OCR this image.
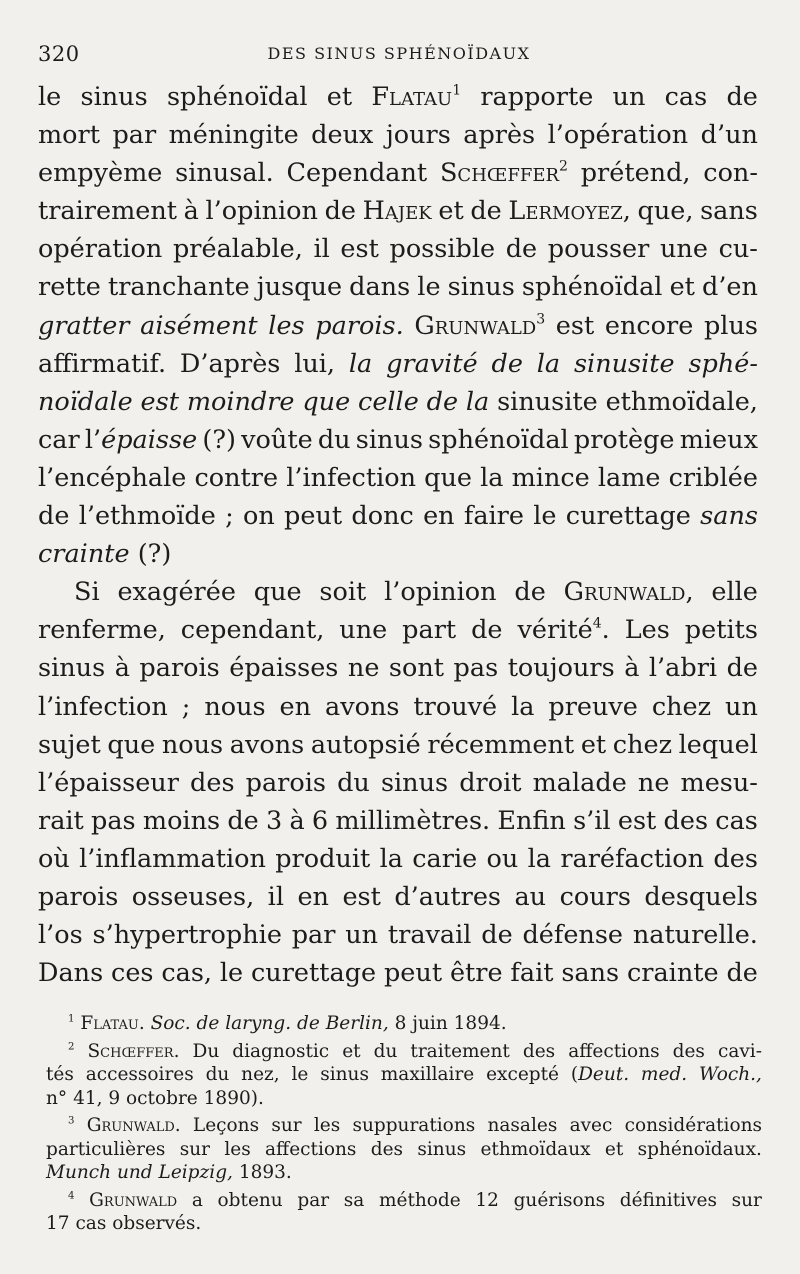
320	DES SINUS SPHÉNOÏDAUX
le sinus sphénoïdal et Flatau$^1$ rapporte un cas de
mort par méningite deux jours après l’opération d’un
empyème sinusal. Cependant Schœffer$^2$ prétend, con-
trairement à l’opinion de Hajek et de Lermoyez, que, sans
opération préalable, il est possible de pousser une cu-
rette tranchante jusque dans le sinus sphénoïdal et d’en
gratter aisément les parois. Grunwald$^3$ est encore plus
affirmatif. D’après lui, la gravité de la sinusite sphé-
noïdale est moindre que celle de la sinusite ethmoïdale,
car l’épaisse (?) voûte du sinus sphénoïdal protège mieux
l’encéphale contre l’infection que la mince lame criblée
de l’ethmoïde ; on peut donc en faire le curettage sans
crainte
(?)

Si exagérée que soit l’opinion de Grunwald, elle
renferme, cependant, une part de vérité$^4$. Les petits
sinus à parois épaisses ne sont pas toujours à l’abri de
l’infection ; nous en avons trouvé la preuve chez un
sujet que nous avons autopsié récemment et chez lequel
l’épaisseur des parois du sinus droit malade ne mesu-
rait pas moins de 3 à 6 millimètres. Enfin s’il est des cas
où l’inflammation produit la carie ou la raréfaction des
parois osseuses, il en est d’autres au cours desquels
l’os s’hypertrophie par un travail de défense naturelle.
Dans ces cas, le curettage peut être fait sans crainte de
$^1$
Flatau.
Soc.
de
laryng.
de
Berlin,
8
juin
1894.

$^2$ Schœffer. Du diagnostic et du traitement des affections des cavi-
tés accessoires du nez, le sinus maxillaire excepté (Deut. med. Woch.,
n°
41,
9
octobre
1890).

$^3$ Grunwald. Leçons sur les suppurations nasales avec considérations
particulières sur les affections des sinus ethmoïdaux et sphénoïdaux.
Munch
und
Leipzig,
1893.

$^4$ Grunwald a obtenu par sa méthode 12 guérisons définitives sur
17
cas
observés.
